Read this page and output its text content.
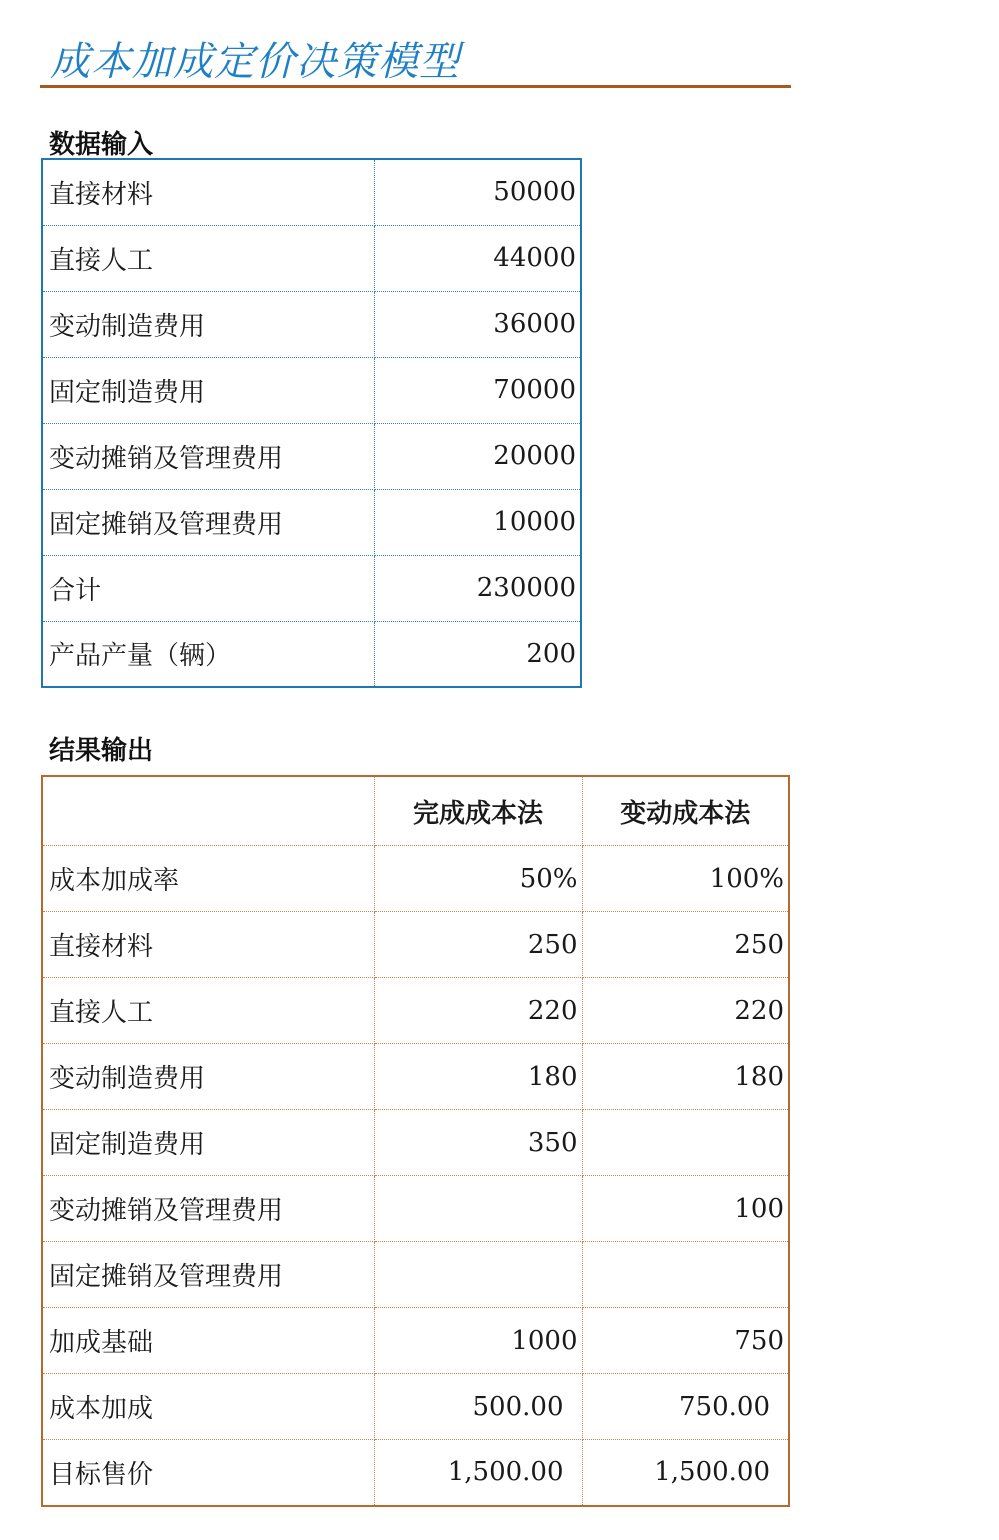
成本加成定价决策模型
数据输入
直接材料	50000
直接人工	44000
变动制造费用	36000
固定制造费用	70000
变动摊销及管理费用	20000
固定摊销及管理费用	10000
合计	230000
产品产量（辆）	200
结果输出
	完成成本法	变动成本法
成本加成率	50%	100%
直接材料	250	250
直接人工	220	220
变动制造费用	180	180
固定制造费用	350	
变动摊销及管理费用		100
固定摊销及管理费用		
加成基础	1000	750
成本加成	500.00	750.00
目标售价	1,500.00	1,500.00
